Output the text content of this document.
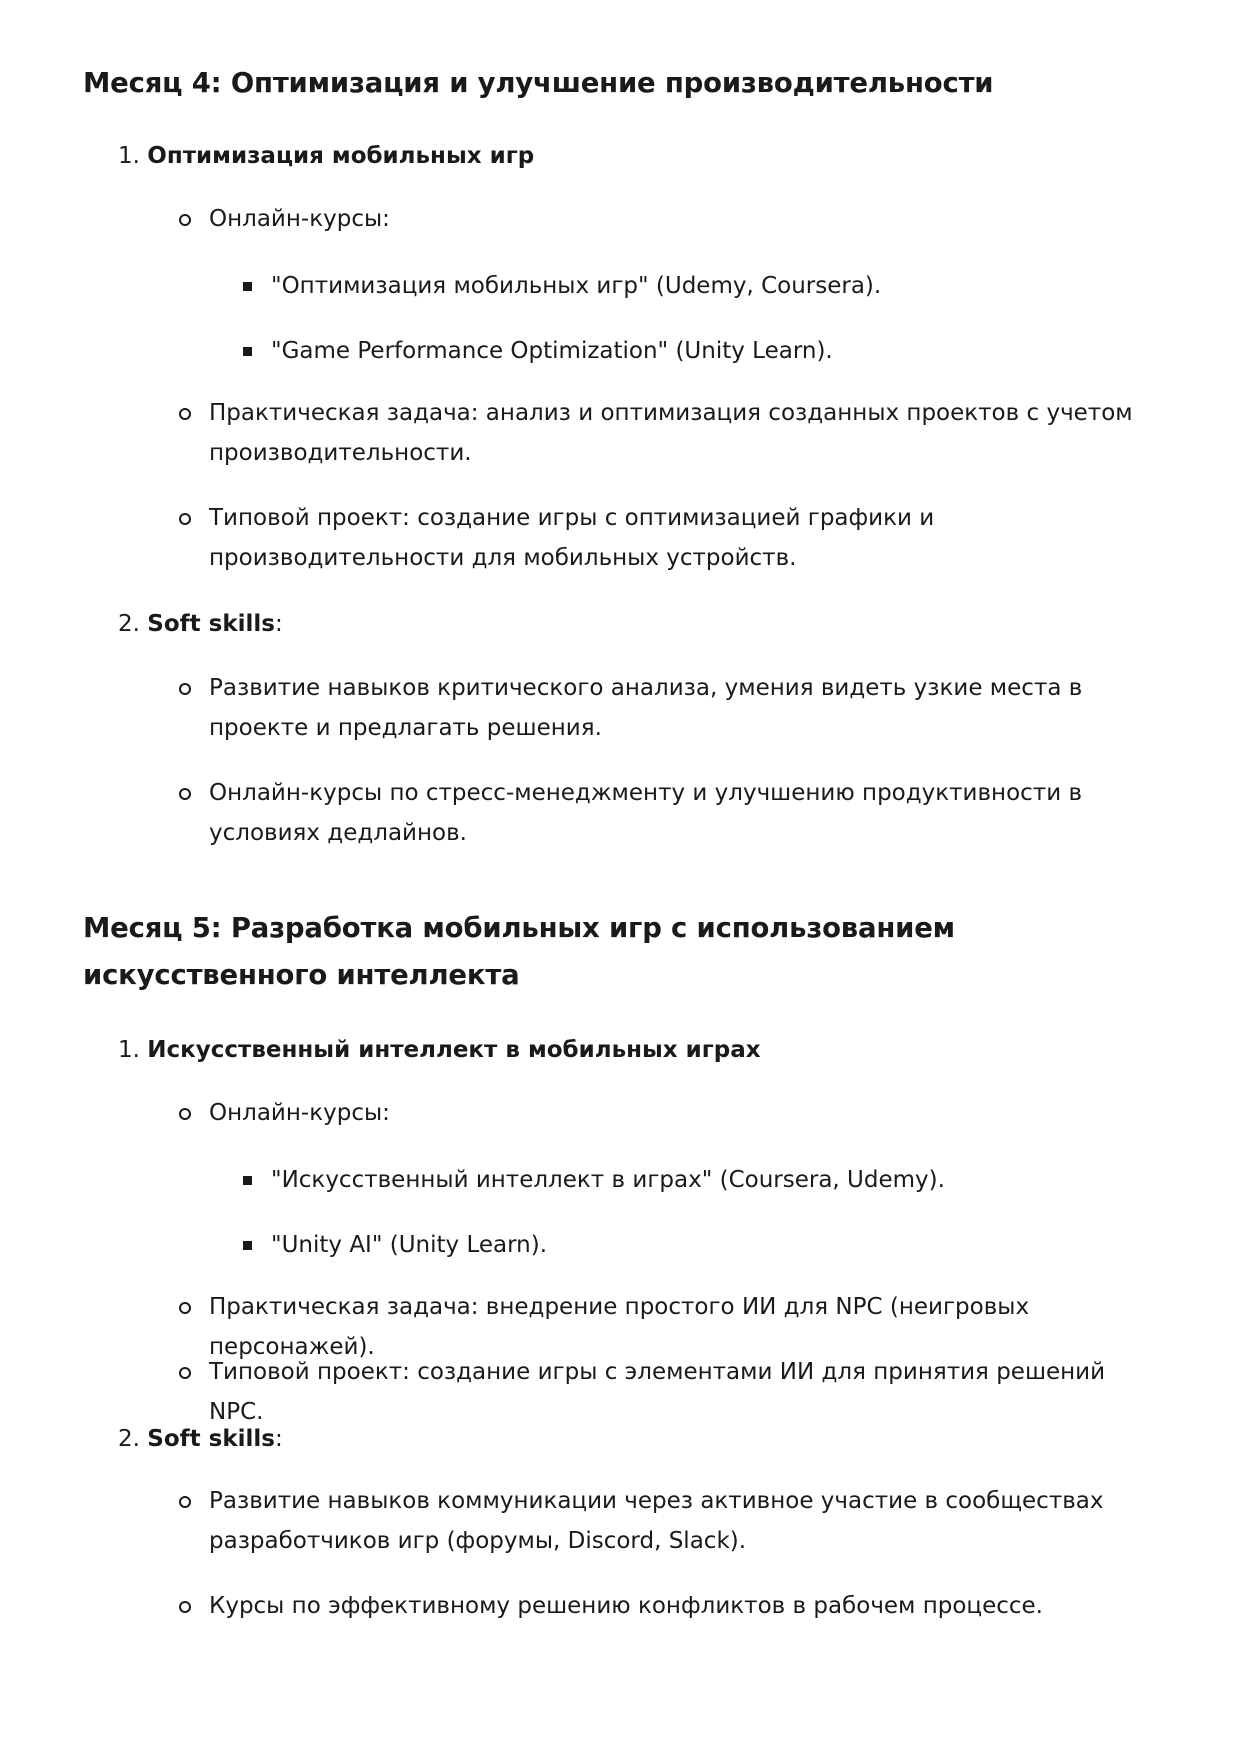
Месяц 4: Оптимизация и улучшение производительности
1. Оптимизация мобильных игр
Онлайн-курсы:
"Оптимизация мобильных игр" (Udemy, Coursera).
"Game Performance Optimization" (Unity Learn).
Практическая задача: анализ и оптимизация созданных проектов с учетом производительности.
Типовой проект: создание игры с оптимизацией графики и производительности для мобильных устройств.
2. Soft skills:
Развитие навыков критического анализа, умения видеть узкие места в проекте и предлагать решения.
Онлайн-курсы по стресс-менеджменту и улучшению продуктивности в условиях дедлайнов.
Месяц 5: Разработка мобильных игр с использованием искусственного интеллекта
1. Искусственный интеллект в мобильных играх
Онлайн-курсы:
"Искусственный интеллект в играх" (Coursera, Udemy).
"Unity AI" (Unity Learn).
Практическая задача: внедрение простого ИИ для NPC (неигровых персонажей).
Типовой проект: создание игры с элементами ИИ для принятия решений NPC.
2. Soft skills:
Развитие навыков коммуникации через активное участие в сообществах разработчиков игр (форумы, Discord, Slack).
Курсы по эффективному решению конфликтов в рабочем процессе.
